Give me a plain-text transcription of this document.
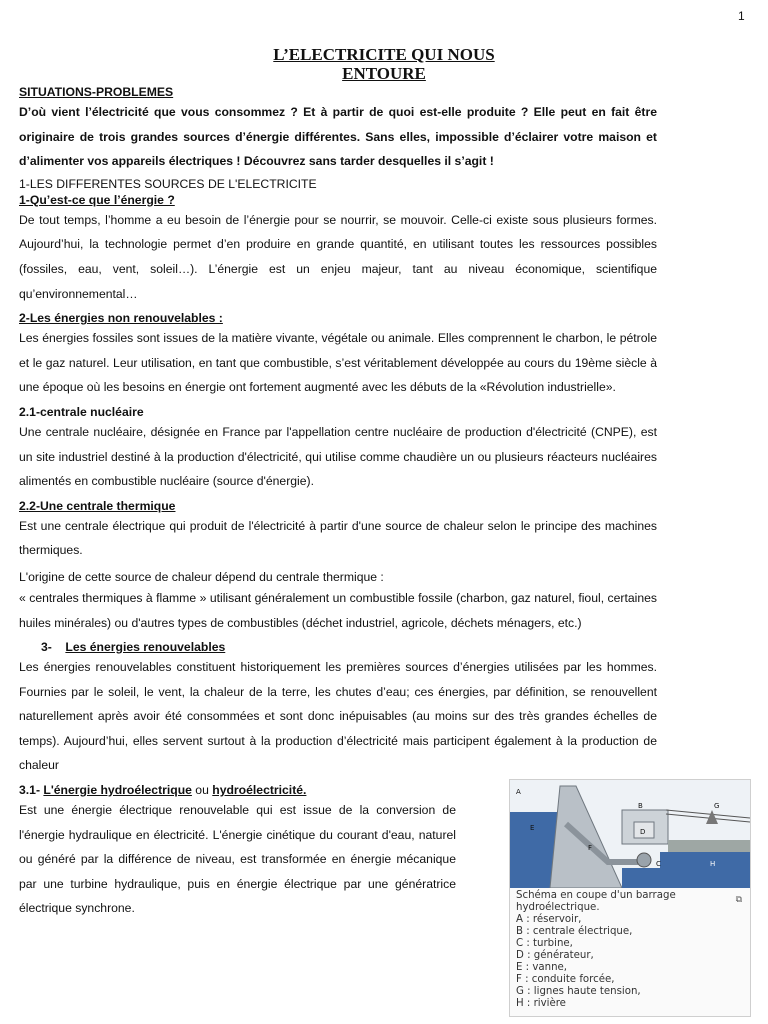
1
L’ELECTRICITE QUI NOUS
ENTOURE
SITUATIONS-PROBLEMES

D’où vient l’électricité que vous consommez ? Et à partir de quoi est-elle produite ? Elle peut en fait être originaire de trois grandes sources d’énergie différentes. Sans elles, impossible d’éclairer votre maison et d’alimenter vos appareils électriques ! Découvrez sans tarder desquelles il s’agit !

1-LES DIFFERENTES SOURCES DE L'ELECTRICITE
1-Qu’est-ce que l’énergie ?

De tout temps, l’homme a eu besoin de l’énergie pour se nourrir, se mouvoir. Celle-ci existe sous plusieurs formes. Aujourd’hui, la technologie permet d’en produire en grande quantité, en utilisant toutes les ressources possibles (fossiles, eau, vent, soleil…). L’énergie est un enjeu majeur, tant au niveau économique, scientifique qu’environnemental…

2-Les énergies non renouvelables :

Les énergies fossiles sont issues de la matière vivante, végétale ou animale. Elles comprennent le charbon, le pétrole et le gaz naturel. Leur utilisation, en tant que combustible, s’est véritablement développée au cours du 19ème siècle à une époque où les besoins en énergie ont fortement augmenté avec les débuts de la «Révolution industrielle».

2.1-centrale nucléaire

Une centrale nucléaire, désignée en France par l'appellation centre nucléaire de production d'électricité (CNPE), est un site industriel destiné à la production d'électricité, qui utilise comme chaudière un ou plusieurs réacteurs nucléaires alimentés en combustible nucléaire (source d'énergie).

2.2-Une centrale thermique

Est une centrale électrique qui produit de l'électricité à partir d'une source de chaleur selon le principe des machines thermiques.

L'origine de cette source de chaleur dépend du centrale thermique :

« centrales thermiques à flamme » utilisant généralement un combustible fossile (charbon, gaz naturel, fioul, certaines huiles minérales) ou d'autres types de combustibles (déchet industriel, agricole, déchets ménagers, etc.)

3- Les énergies renouvelables

Les énergies renouvelables constituent historiquement les premières sources d’énergies utilisées par les hommes. Fournies par le soleil, le vent, la chaleur de la terre, les chutes d’eau; ces énergies, par définition, se renouvellent naturellement après avoir été consommées et sont donc inépuisables (au moins sur des très grandes échelles de temps). Aujourd’hui, elles servent surtout à la production d’électricité mais participent également à la production de chaleur

3.1- L'énergie hydroélectrique ou hydroélectricité.

Est une énergie électrique renouvelable qui est issue de la conversion de l'énergie hydraulique en électricité. L'énergie cinétique du courant d'eau, naturel ou généré par la différence de niveau, est transformée en énergie mécanique par une turbine hydraulique, puis en énergie électrique par une génératrice électrique synchrone.

A
B
C
D
E
F
G
H
⧉
Schéma en coupe d'un barrage
hydroélectrique.
A : réservoir,
B : centrale électrique,
C : turbine,
D : générateur,
E : vanne,
F : conduite forcée,
G : lignes haute tension,
H : rivière
